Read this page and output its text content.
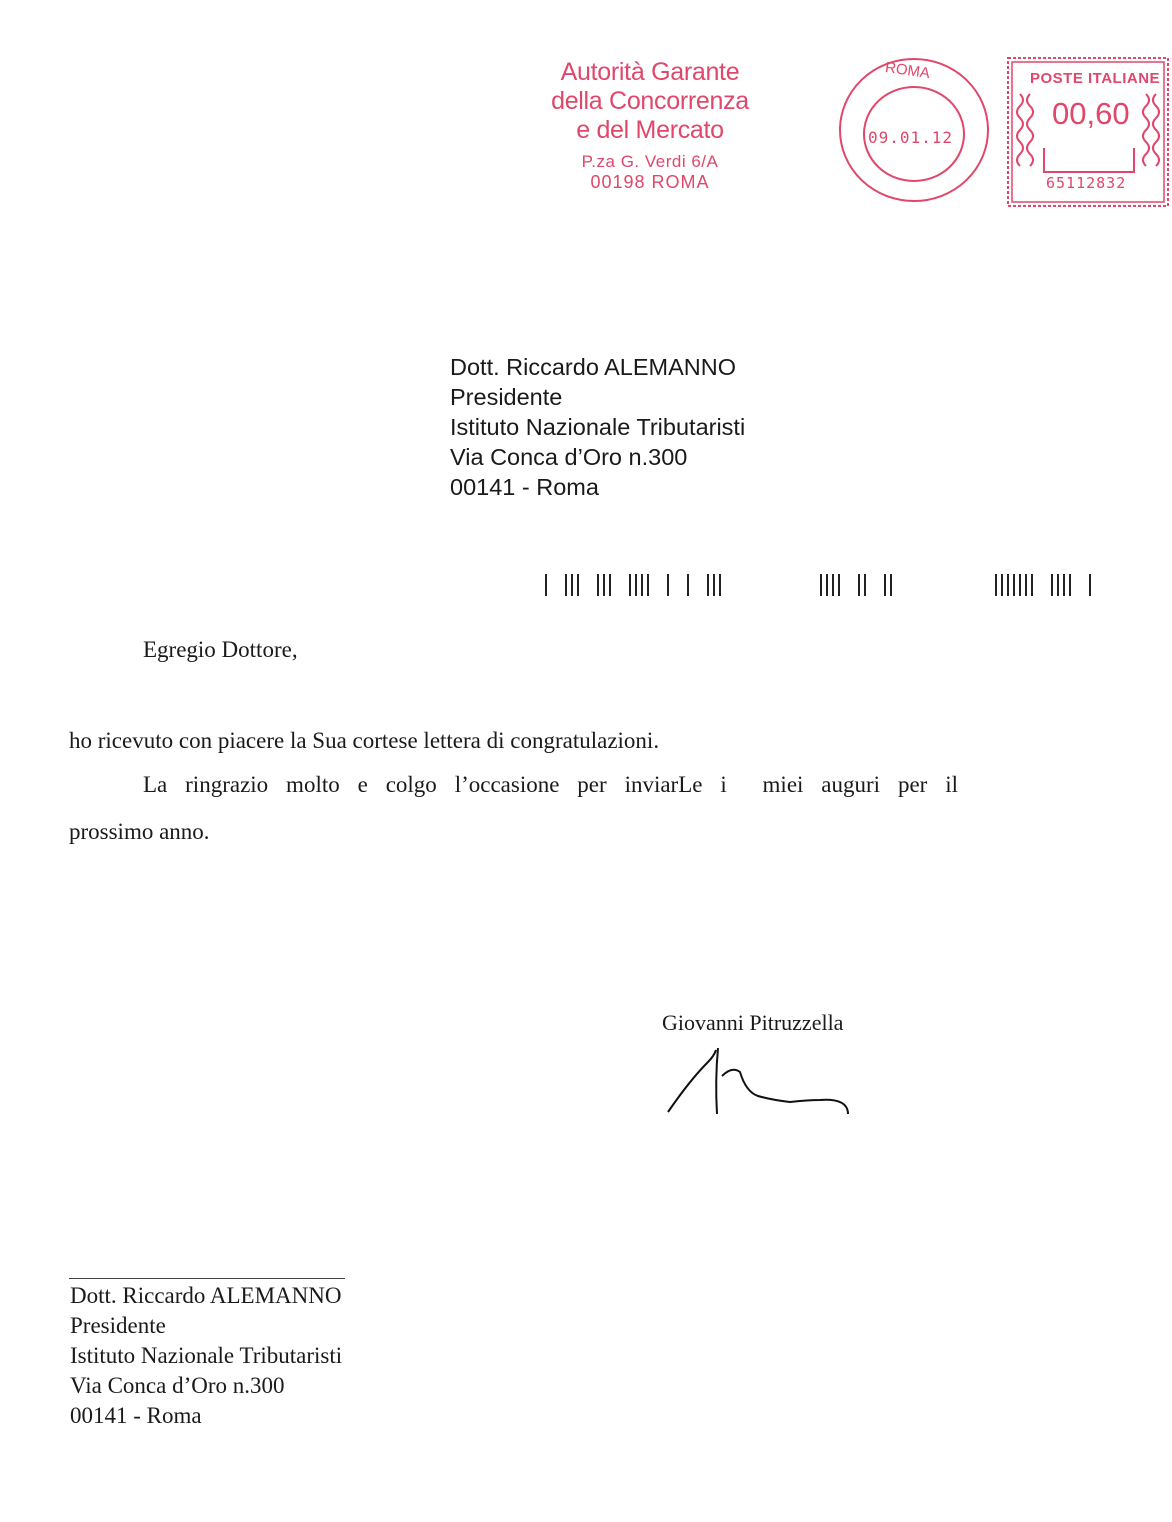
Autorità Garante
della Concorrenza
e del Mercato
P.za G. Verdi 6/A
00198 ROMA
ROMA
09.01.12
POSTE ITALIANE
00,60
65112832
Dott. Riccardo ALEMANNO
Presidente
Istituto Nazionale Tributaristi
Via Conca d’Oro n.300
00141 - Roma
Egregio Dottore,
ho ricevuto con piacere la Sua cortese lettera di congratulazioni.
La ringrazio molto e colgo l’occasione per inviarLe i  miei auguri per il
prossimo anno.
Giovanni Pitruzzella
Dott. Riccardo ALEMANNO
Presidente
Istituto Nazionale Tributaristi
Via Conca d’Oro n.300
00141 - Roma
